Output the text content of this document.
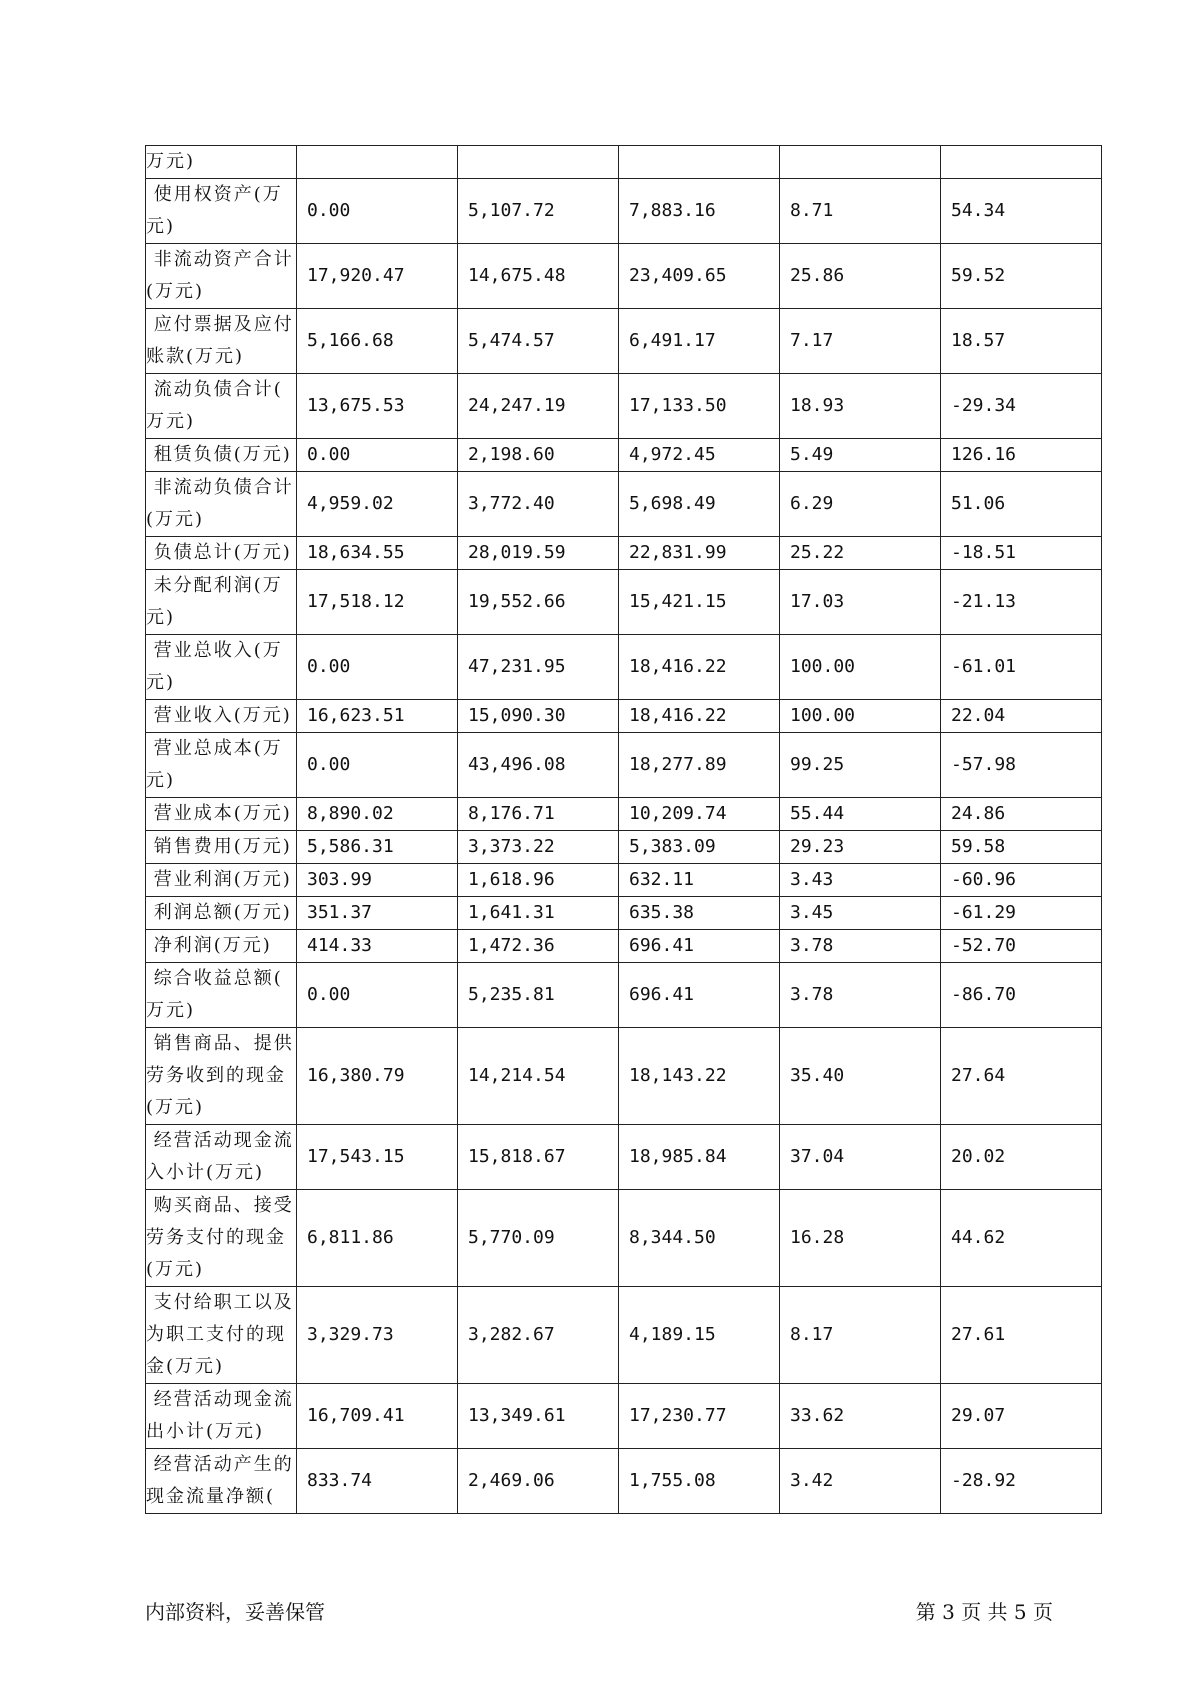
万元)					

使用权资产(万
元)	0.00	5,107.72	7,883.16	8.71	54.34

非流动资产合计
(万元)	17,920.47	14,675.48	23,409.65	25.86	59.52

应付票据及应付
账款(万元)	5,166.68	5,474.57	6,491.17	7.17	18.57

流动负债合计(
万元)	13,675.53	24,247.19	17,133.50	18.93	-29.34

租赁负债(万元)	0.00	2,198.60	4,972.45	5.49	126.16

非流动负债合计
(万元)	4,959.02	3,772.40	5,698.49	6.29	51.06

负债总计(万元)	18,634.55	28,019.59	22,831.99	25.22	-18.51

未分配利润(万
元)	17,518.12	19,552.66	15,421.15	17.03	-21.13

营业总收入(万
元)	0.00	47,231.95	18,416.22	100.00	-61.01

营业收入(万元)	16,623.51	15,090.30	18,416.22	100.00	22.04

营业总成本(万
元)	0.00	43,496.08	18,277.89	99.25	-57.98

营业成本(万元)	8,890.02	8,176.71	10,209.74	55.44	24.86

销售费用(万元)	5,586.31	3,373.22	5,383.09	29.23	59.58

营业利润(万元)	303.99	1,618.96	632.11	3.43	-60.96

利润总额(万元)	351.37	1,641.31	635.38	3.45	-61.29

净利润(万元)	414.33	1,472.36	696.41	3.78	-52.70

综合收益总额(
万元)	0.00	5,235.81	696.41	3.78	-86.70

销售商品、提供
劳务收到的现金
(万元)	16,380.79	14,214.54	18,143.22	35.40	27.64

经营活动现金流
入小计(万元)	17,543.15	15,818.67	18,985.84	37.04	20.02

购买商品、接受
劳务支付的现金
(万元)	6,811.86	5,770.09	8,344.50	16.28	44.62

支付给职工以及
为职工支付的现
金(万元)	3,329.73	3,282.67	4,189.15	8.17	27.61

经营活动现金流
出小计(万元)	16,709.41	13,349.61	17,230.77	33.62	29.07

经营活动产生的
现金流量净额(	833.74	2,469.06	1,755.08	3.42	-28.92
内部资料，妥善保管	第 3 页 共 5 页
